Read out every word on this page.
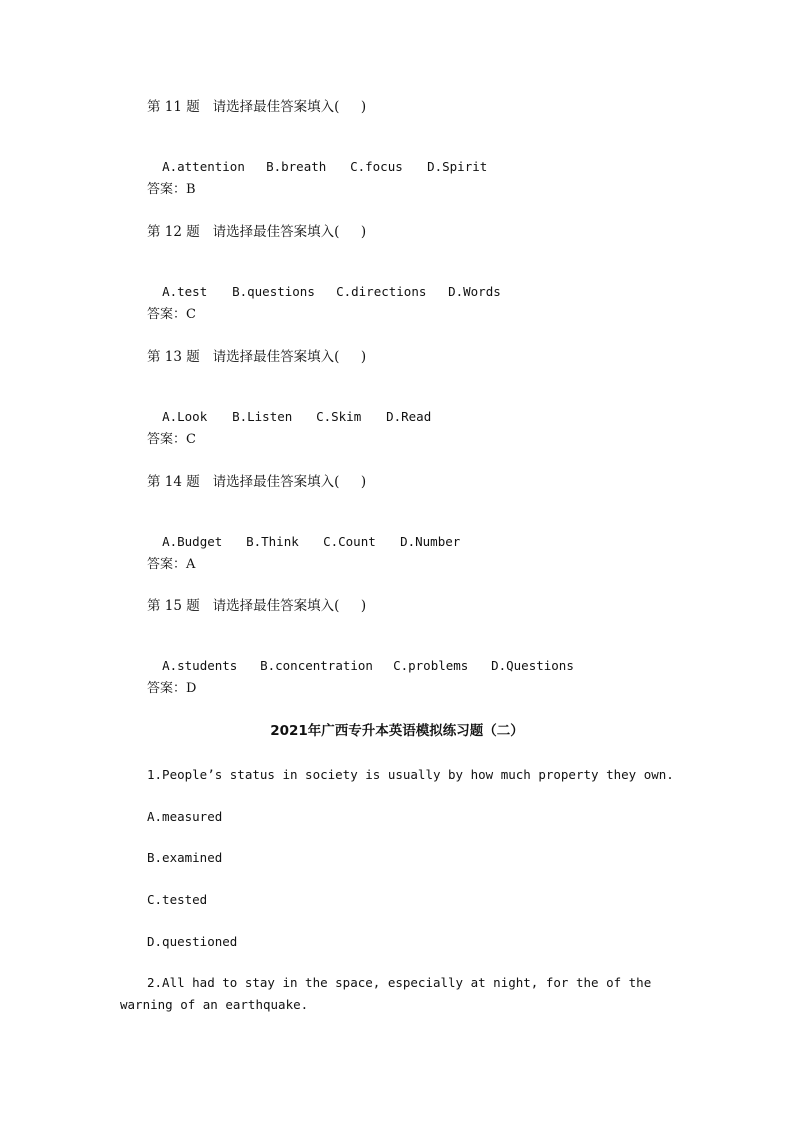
第 11 题   请选择最佳答案填入(     )

A.attention B.breath C.focus D.Spirit

答案：B
第 12 题   请选择最佳答案填入(     )

A.test B.questions C.directions D.Words

答案：C
第 13 题   请选择最佳答案填入(     )

A.Look B.Listen C.Skim D.Read

答案：C
第 14 题   请选择最佳答案填入(     )

A.Budget B.Think C.Count D.Number

答案：A
第 15 题   请选择最佳答案填入(     )

A.students B.concentration C.problems D.Questions

答案：D
2021年广西专升本英语模拟练习题（二）
1.People’s status in society is usually by how much property they own.
A.measured
B.examined
C.tested
D.questioned
2.All had to stay in the space, especially at night, for the of the warning of an earthquake.
